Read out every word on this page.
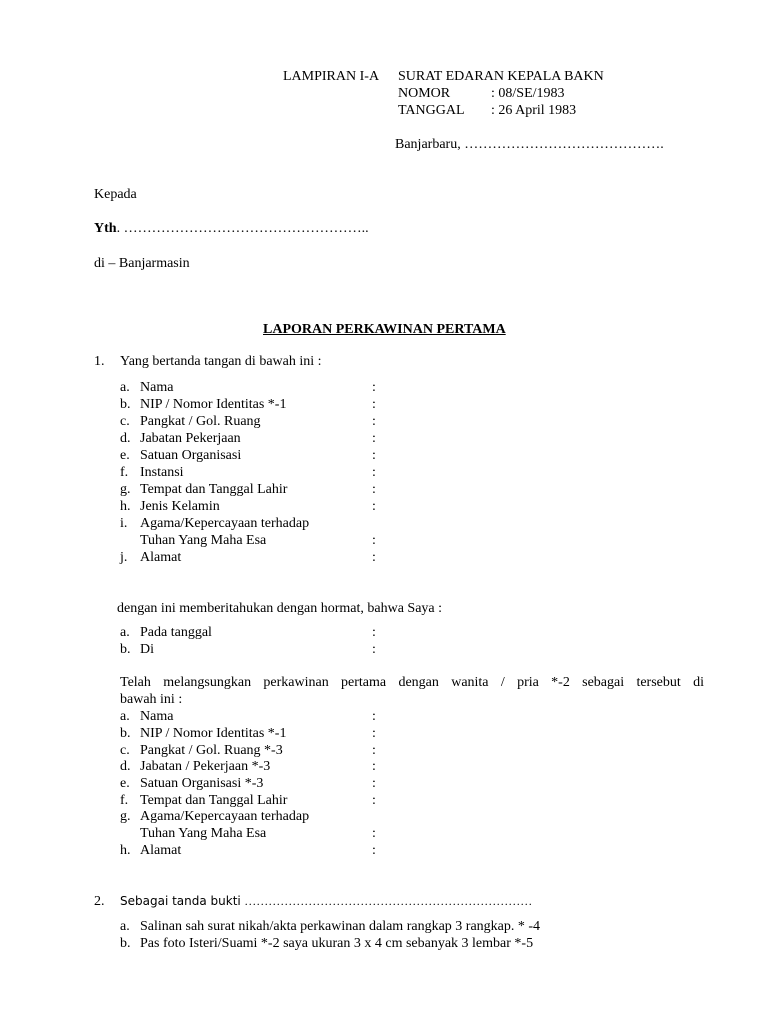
LAMPIRAN I-A SURAT EDARAN KEPALA BAKN
NOMOR	: 08/SE/1983
TANGGAL : 26 April 1983
Banjarbaru, …………………………………….
Kepada
Yth. ……………………………………………..
di – Banjarmasin
LAPORAN PERKAWINAN PERTAMA
1. Yang bertanda tangan di bawah ini :
a. Nama	:
b. NIP / Nomor Identitas *-1	:
c. Pangkat / Gol. Ruang	:
d. Jabatan Pekerjaan	:
e. Satuan Organisasi	:
f. Instansi	:
g. Tempat dan Tanggal Lahir	:
h. Jenis Kelamin	:
i. Agama/Kepercayaan terhadap
Tuhan Yang Maha Esa	:
j. Alamat	:
dengan ini memberitahukan dengan hormat, bahwa Saya :
a. Pada tanggal	:
b. Di	:
Telah melangsungkan perkawinan pertama dengan wanita / pria *-2 sebagai tersebut di
bawah ini :
a. Nama	:
b. NIP / Nomor Identitas *-1	:
c. Pangkat / Gol. Ruang *-3	:
d. Jabatan / Pekerjaan *-3	:
e. Satuan Organisasi *-3	:
f. Tempat dan Tanggal Lahir	:
g. Agama/Kepercayaan terhadap
Tuhan Yang Maha Esa	:
h. Alamat	:
2. Sebagai tanda bukti ………………………………………………………………
a. Salinan sah surat nikah/akta perkawinan dalam rangkap 3 rangkap. * -4
b. Pas foto Isteri/Suami *-2 saya ukuran 3 x 4 cm sebanyak 3 lembar *-5
